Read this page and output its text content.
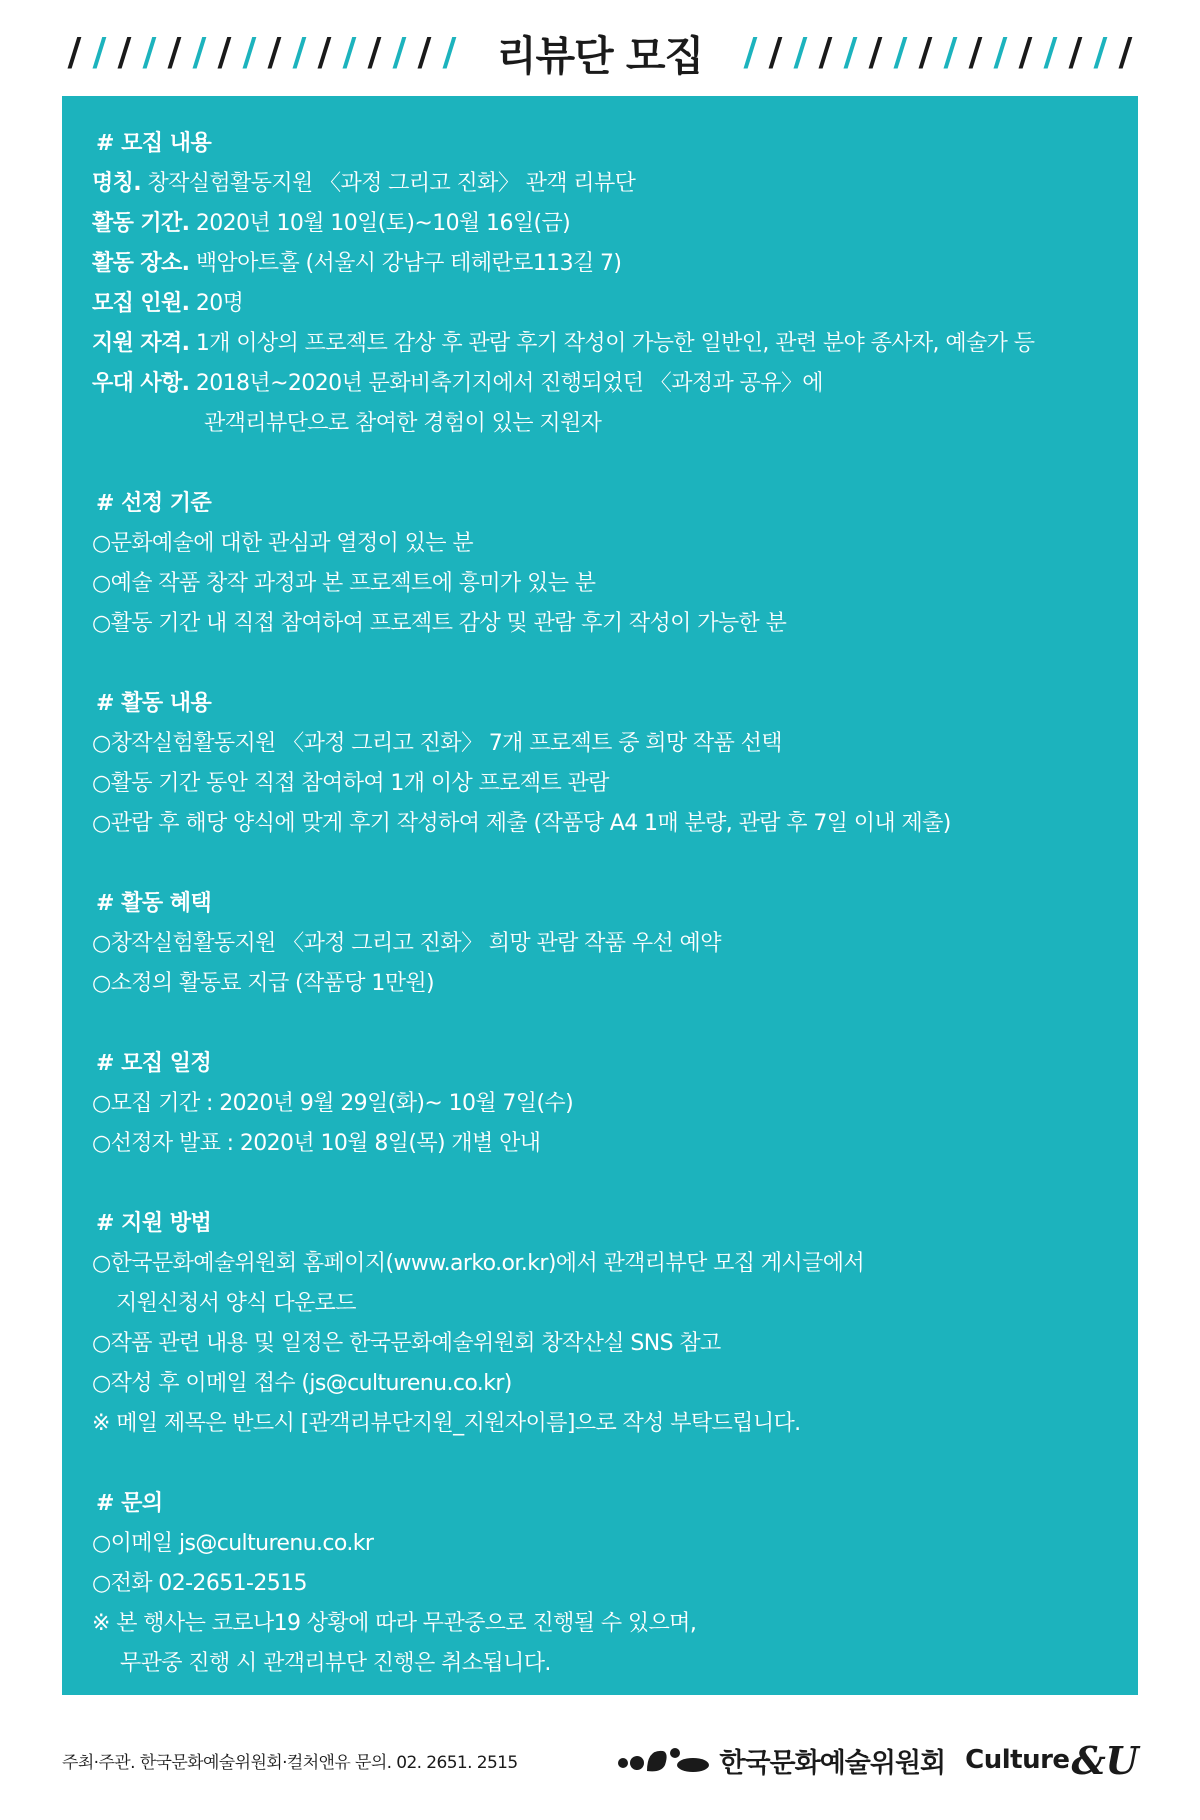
/ / / / / / / / / / / / / / / / 리뷰단 모집 / / / / / / / / / / / / / / / /
# 모집 내용
명칭. 창작실험활동지원 〈과정 그리고 진화〉 관객 리뷰단
활동 기간. 2020년 10월 10일(토)~10월 16일(금)
활동 장소. 백암아트홀 (서울시 강남구 테헤란로113길 7)
모집 인원. 20명
지원 자격. 1개 이상의 프로젝트 감상 후 관람 후기 작성이 가능한 일반인, 관련 분야 종사자, 예술가 등
우대 사항. 2018년~2020년 문화비축기지에서 진행되었던 〈과정과 공유〉에
관객리뷰단으로 참여한 경험이 있는 지원자
# 선정 기준
○문화예술에 대한 관심과 열정이 있는 분
○예술 작품 창작 과정과 본 프로젝트에 흥미가 있는 분
○활동 기간 내 직접 참여하여 프로젝트 감상 및 관람 후기 작성이 가능한 분
# 활동 내용
○창작실험활동지원 〈과정 그리고 진화〉 7개 프로젝트 중 희망 작품 선택
○활동 기간 동안 직접 참여하여 1개 이상 프로젝트 관람
○관람 후 해당 양식에 맞게 후기 작성하여 제출 (작품당 A4 1매 분량, 관람 후 7일 이내 제출)
# 활동 혜택
○창작실험활동지원 〈과정 그리고 진화〉 희망 관람 작품 우선 예약
○소정의 활동료 지급 (작품당 1만원)
# 모집 일정
○모집 기간 : 2020년 9월 29일(화)~ 10월 7일(수)
○선정자 발표 : 2020년 10월 8일(목) 개별 안내
# 지원 방법
○한국문화예술위원회 홈페이지(www.arko.or.kr)에서 관객리뷰단 모집 게시글에서
지원신청서 양식 다운로드
○작품 관련 내용 및 일정은 한국문화예술위원회 창작산실 SNS 참고
○작성 후 이메일 접수 (js@culturenu.co.kr)
※ 메일 제목은 반드시 [관객리뷰단지원_지원자이름]으로 작성 부탁드립니다.
# 문의
○이메일 js@culturenu.co.kr
○전화 02-2651-2515
※ 본 행사는 코로나19 상황에 따라 무관중으로 진행될 수 있으며,
무관중 진행 시 관객리뷰단 진행은 취소됩니다.
주최·주관. 한국문화예술위원회·컬처앤유 문의. 02. 2651. 2515	한국문화예술위원회 Culture &U
